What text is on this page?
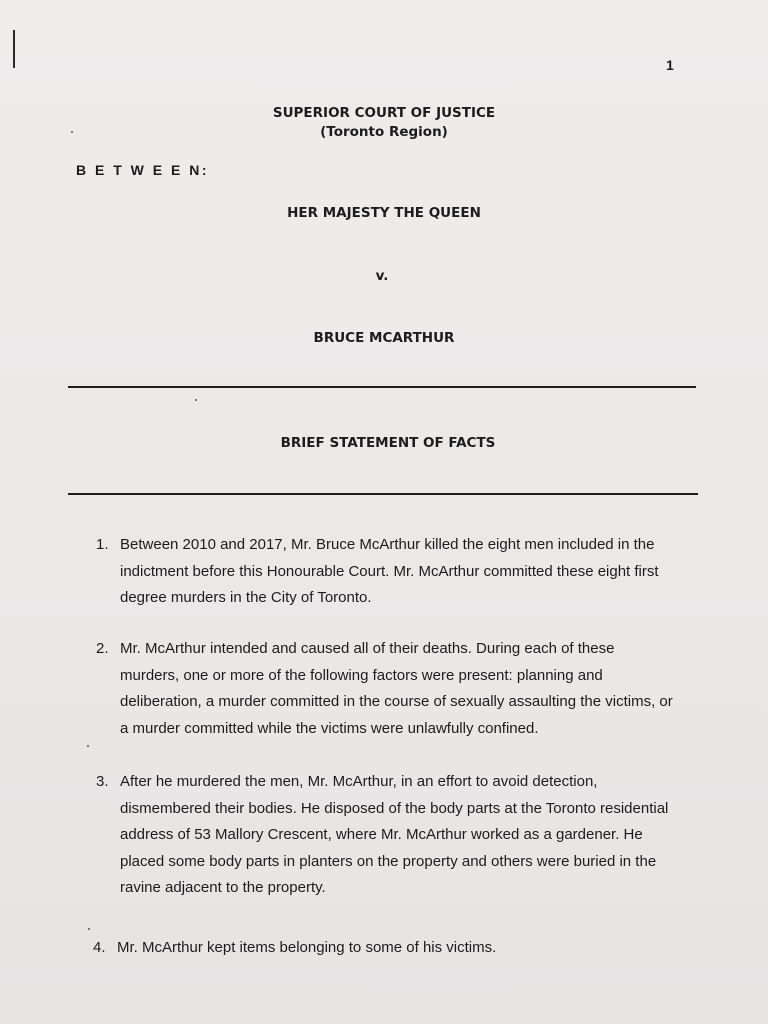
1
SUPERIOR COURT OF JUSTICE
(Toronto Region)
B E T W E E N:
HER MAJESTY THE QUEEN
v.
BRUCE MCARTHUR
BRIEF STATEMENT OF FACTS
1. Between 2010 and 2017, Mr. Bruce McArthur killed the eight men included in the indictment before this Honourable Court. Mr. McArthur committed these eight first degree murders in the City of Toronto.
2. Mr. McArthur intended and caused all of their deaths. During each of these murders, one or more of the following factors were present: planning and deliberation, a murder committed in the course of sexually assaulting the victims, or a murder committed while the victims were unlawfully confined.
3. After he murdered the men, Mr. McArthur, in an effort to avoid detection, dismembered their bodies. He disposed of the body parts at the Toronto residential address of 53 Mallory Crescent, where Mr. McArthur worked as a gardener. He placed some body parts in planters on the property and others were buried in the ravine adjacent to the property.
4. Mr. McArthur kept items belonging to some of his victims.
